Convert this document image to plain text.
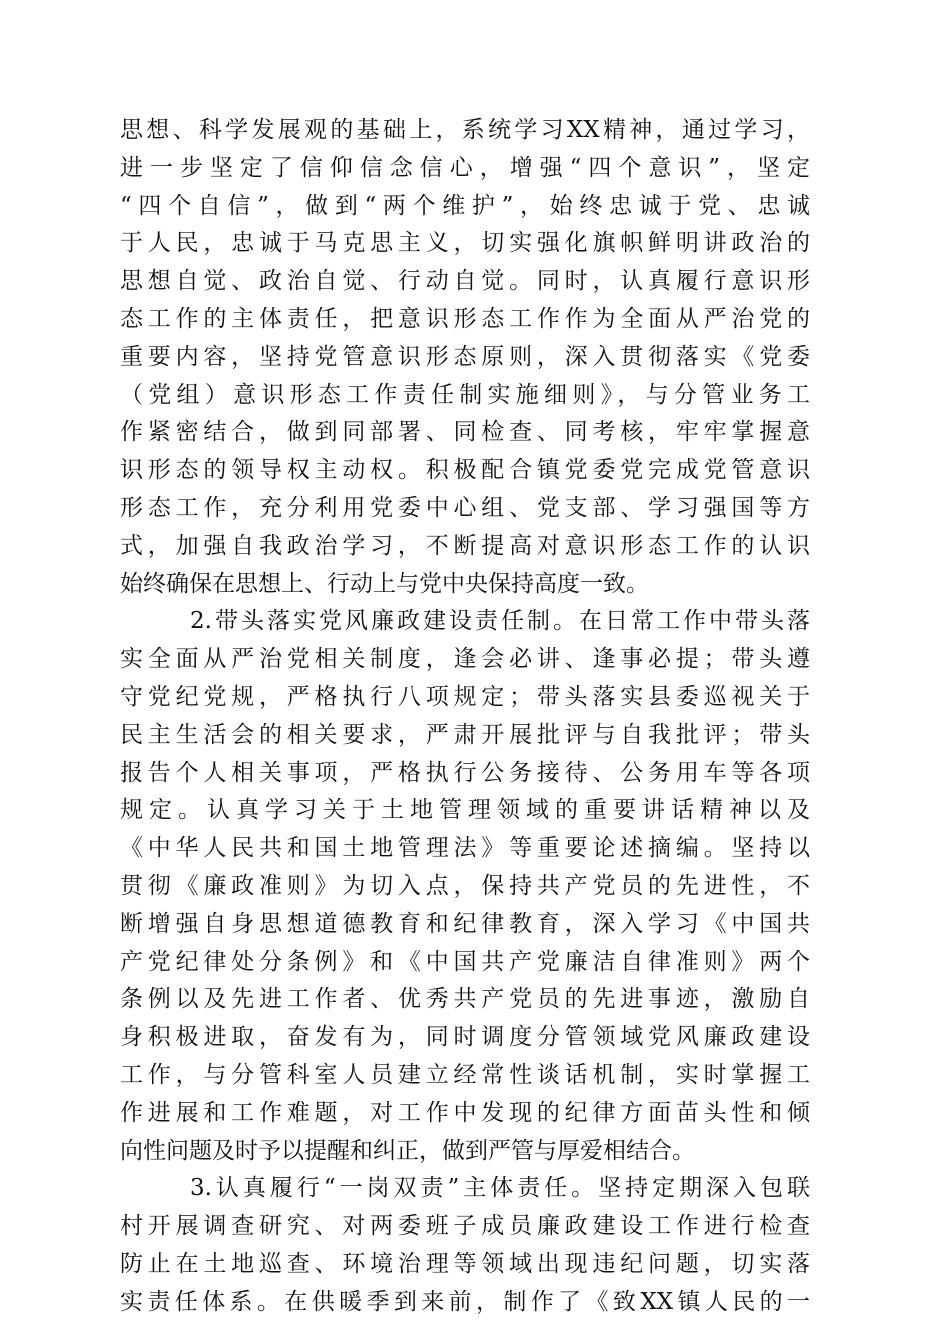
思想、科学发展观的基础上，系统学习XX精神，通过学习，
进一步坚定了信仰信念信心，增强“四个意识”，坚定
“四个自信”，做到“两个维护”，始终忠诚于党、忠诚
于人民，忠诚于马克思主义，切实强化旗帜鲜明讲政治的
思想自觉、政治自觉、行动自觉。同时，认真履行意识形
态工作的主体责任，把意识形态工作作为全面从严治党的
重要内容，坚持党管意识形态原则，深入贯彻落实《党委
（党组）意识形态工作责任制实施细则》，与分管业务工
作紧密结合，做到同部署、同检查、同考核，牢牢掌握意
识形态的领导权主动权。积极配合镇党委党完成党管意识
形态工作，充分利用党委中心组、党支部、学习强国等方
式，加强自我政治学习，不断提高对意识形态工作的认识
始终确保在思想上、行动上与党中央保持高度一致。
2.带头落实党风廉政建设责任制。在日常工作中带头落
实全面从严治党相关制度，逢会必讲、逢事必提；带头遵
守党纪党规，严格执行八项规定；带头落实县委巡视关于
民主生活会的相关要求，严肃开展批评与自我批评；带头
报告个人相关事项，严格执行公务接待、公务用车等各项
规定。认真学习关于土地管理领域的重要讲话精神以及
《中华人民共和国土地管理法》等重要论述摘编。坚持以
贯彻《廉政准则》为切入点，保持共产党员的先进性，不
断增强自身思想道德教育和纪律教育，深入学习《中国共
产党纪律处分条例》和《中国共产党廉洁自律准则》两个
条例以及先进工作者、优秀共产党员的先进事迹，激励自
身积极进取，奋发有为，同时调度分管领域党风廉政建设
工作，与分管科室人员建立经常性谈话机制，实时掌握工
作进展和工作难题，对工作中发现的纪律方面苗头性和倾
向性问题及时予以提醒和纠正，做到严管与厚爱相结合。
3.认真履行“一岗双责”主体责任。坚持定期深入包联
村开展调查研究、对两委班子成员廉政建设工作进行检查
防止在土地巡查、环境治理等领域出现违纪问题，切实落
实责任体系。在供暖季到来前，制作了《致XX镇人民的一
